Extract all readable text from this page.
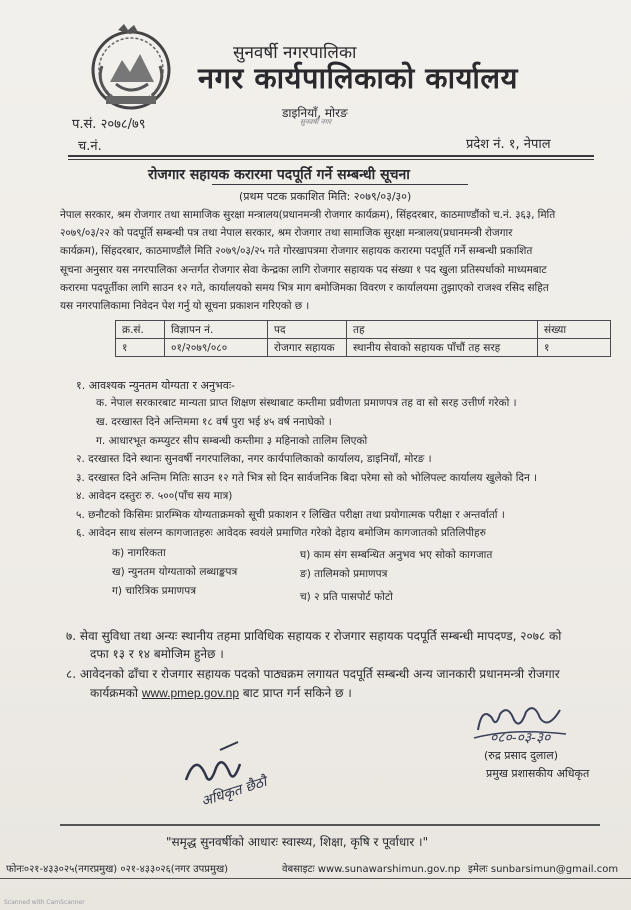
सुनवर्षी नगरपालिका
नगर कार्यपालिकाको कार्यालय
डाइनियाँ, मोरङ
सुनवर्षी नगर
प.सं. २०७८/७९
च.नं.	प्रदेश नं. १, नेपाल
रोजगार सहायक करारमा पदपूर्ति गर्ने सम्बन्धी सूचना
(प्रथम पटक प्रकाशित मिति: २०७९/०३/३०)
नेपाल सरकार, श्रम रोजगार तथा सामाजिक सुरक्षा मन्त्रालय(प्रधानमन्त्री रोजगार कार्यक्रम), सिंहदरबार, काठमाण्डौंको च.नं. ३६३, मिति
२०७९/०३/२२ को पदपूर्ति सम्बन्धी पत्र तथा नेपाल सरकार, श्रम रोजगार तथा सामाजिक सुरक्षा मन्त्रालय(प्रधानमन्त्री रोजगार
कार्यक्रम), सिंहदरबार, काठमाण्डौंले मिति २०७९/०३/२५ गते गोरखापत्रमा रोजगार सहायक करारमा पदपूर्ति गर्ने सम्बन्धी प्रकाशित
सूचना अनुसार यस नगरपालिका अन्तर्गत रोजगार सेवा केन्द्रका लागि रोजगार सहायक पद संख्या १ पद खुला प्रतिस्पर्धाको माध्यमबाट
करारमा पदपूर्तीका लागि साउन १२ गते, कार्यालयको समय भित्र माग बमोजिमका विवरण र कार्यालयमा तुझाएको राजश्व रसिद सहित
यस नगरपालिकामा निवेदन पेश गर्नु यो सूचना प्रकाशन गरिएको छ ।
क्र.सं.	विज्ञापन नं.	पद	तह	संख्या
१	०१/२०७९/०८०	रोजगार सहायक	स्थानीय सेवाको सहायक पाँचौं तह सरह	१
१. आवश्यक न्युनतम योग्यता र अनुभवः-
क. नेपाल सरकारबाट मान्यता प्राप्त शिक्षण संस्थाबाट कम्तीमा प्रवीणता प्रमाणपत्र तह वा सो सरह उत्तीर्ण गरेको ।
ख. दरखास्त दिने अन्तिममा १८ वर्ष पुरा भई ४५ वर्ष ननाघेको ।
ग. आधारभूत कम्प्युटर सीप सम्बन्धी कम्तीमा ३ महिनाको तालिम लिएको
२. दरखास्त दिने स्थानः सुनवर्षी नगरपालिका, नगर कार्यपालिकाको कार्यालय, डाइनियाँ, मोरङ ।
३. दरखास्त दिने अन्तिम मितिः साउन १२ गते भित्र सो दिन सार्वजनिक बिदा परेमा सो को भोलिपल्ट कार्यालय खुलेको दिन ।
४. आवेदन दस्तुरः रु. ५००(पाँच सय मात्र)
५. छनौटको किसिमः प्रारम्भिक योग्यताक्रमको सूची प्रकाशन र लिखित परीक्षा तथा प्रयोगात्मक परीक्षा र अन्तर्वार्ता ।
६. आवेदन साथ संलग्न कागजातहरुः आवेदक स्वयंले प्रमाणित गरेको देहाय बमोजिम कागजातको प्रतिलिपीहरु
क) नागरिकता
ख) न्युनतम योग्यताको लब्धाङ्कपत्र
ग) चारित्रिक प्रमाणपत्र
घ) काम संग सम्बन्धित अनुभव भए सोको कागजात
ङ) तालिमको प्रमाणपत्र
च) २ प्रति पासपोर्ट फोटो
७. सेवा सुविधा तथा अन्यः स्थानीय तहमा प्राविधिक सहायक र रोजगार सहायक पदपूर्ति सम्बन्धी मापदण्ड, २०७८ को
दफा १३ र १४ बमोजिम हुनेछ ।
८. आवेदनको ढाँचा र रोजगार सहायक पदको पाठ्यक्रम लगायत पदपूर्ति सम्बन्धी अन्य जानकारी प्रधानमन्त्री रोजगार
कार्यक्रमको www.pmep.gov.np बाट प्राप्त गर्न सकिने छ ।
०८०-०३-३०
(रुद्र प्रसाद दुलाल)
प्रमुख प्रशासकीय अधिकृत
अधिकृत छैठौ
"समृद्ध सुनवर्षीको आधारः स्वास्थ्य, शिक्षा, कृषि र पूर्वाधार ।"
फोनः०२१-४३३०२५(नगरप्रमुख) ०२१-४३३०२६(नगर उपप्रमुख)	वेबसाइटः www.sunawarshimun.gov.np इमेलः sunbarsimun@gmail.com
Scanned with CamScanner
